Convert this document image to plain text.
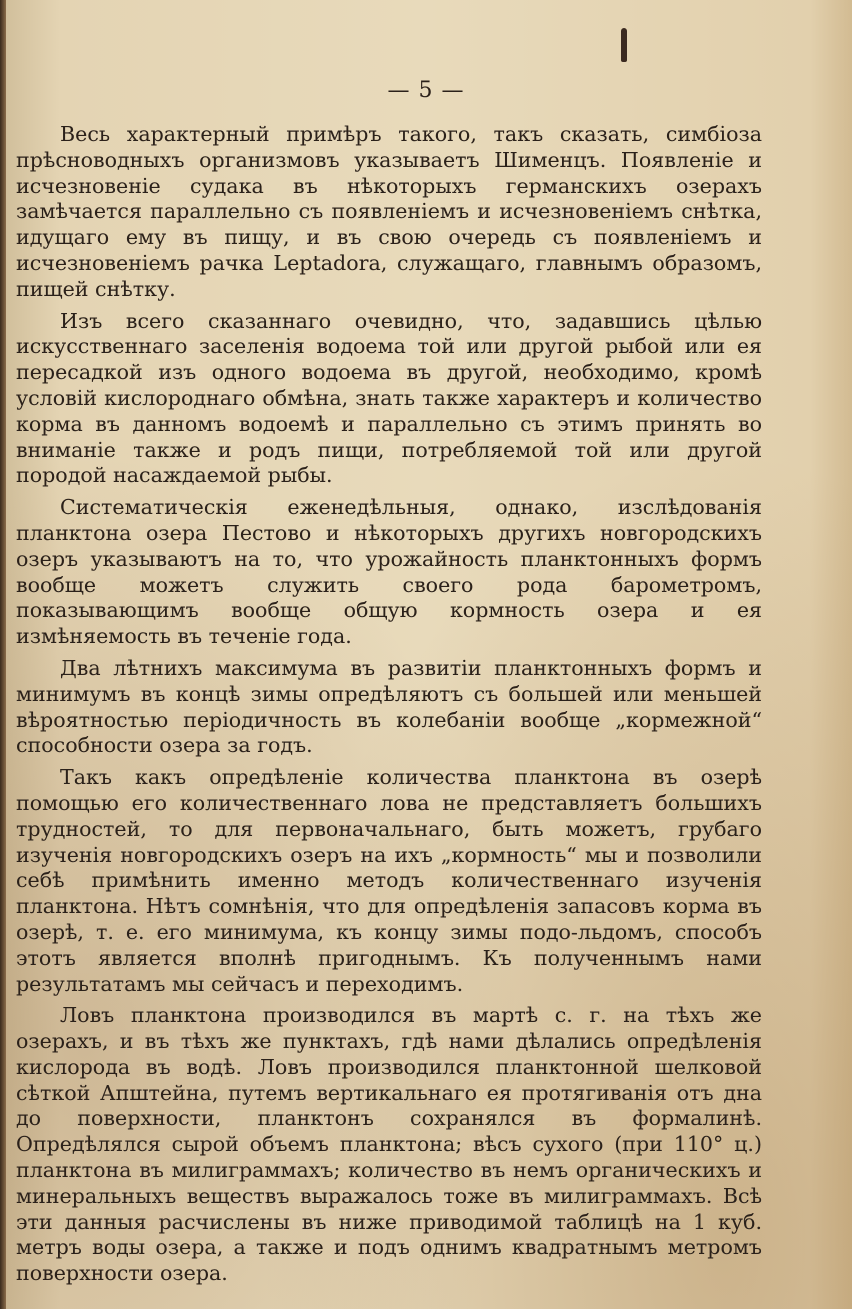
— 5 —

Весь характерный примѣръ такого, такъ сказать, симбіоза прѣсноводныхъ организмовъ указываетъ Шименцъ. Появленіе и исчезновеніе судака въ нѣкоторыхъ германскихъ озерахъ замѣчается параллельно съ появленіемъ и исчезновеніемъ снѣтка, идущаго ему въ пищу, и въ свою очередь съ появленіемъ и исчезновеніемъ рачка Leptadora, служащаго, главнымъ образомъ, пищей снѣтку.

Изъ всего сказаннаго очевидно, что, задавшись цѣлью искусственнаго заселенія водоема той или другой рыбой или ея пересадкой изъ одного водоема въ другой, необходимо, кромѣ условій кислороднаго обмѣна, знать также характеръ и количество корма въ данномъ водоемѣ и параллельно съ этимъ принять во вниманіе также и родъ пищи, потребляемой той или другой породой насаждаемой рыбы.

Систематическія еженедѣльныя, однако, изслѣдованія планктона озера Пестово и нѣкоторыхъ другихъ новгородскихъ озеръ указываютъ на то, что урожайность планктонныхъ формъ вообще можетъ служить своего рода барометромъ, показывающимъ вообще общую кормность озера и ея измѣняемость въ теченіе года.

Два лѣтнихъ максимума въ развитіи планктонныхъ формъ и минимумъ въ концѣ зимы опредѣляютъ съ большей или меньшей вѣроятностью періодичность въ колебаніи вообще „кормежной“ способности озера за годъ.

Такъ какъ опредѣленіе количества планктона въ озерѣ помощью его количественнаго лова не представляетъ большихъ трудностей, то для первоначальнаго, быть можетъ, грубаго изученія новгородскихъ озеръ на ихъ „кормность“ мы и позволили себѣ примѣнить именно методъ количественнаго изученія планктона. Нѣтъ сомнѣнія, что для опредѣленія запасовъ корма въ озерѣ, т. е. его минимума, къ концу зимы подо-льдомъ, способъ этотъ является вполнѣ пригоднымъ. Къ полученнымъ нами результатамъ мы сейчасъ и переходимъ.

Ловъ планктона производился въ мартѣ с. г. на тѣхъ же озерахъ, и въ тѣхъ же пунктахъ, гдѣ нами дѣлались опредѣленія кислорода въ водѣ. Ловъ производился планктонной шелковой сѣткой Апштейна, путемъ вертикальнаго ея протягиванія отъ дна до поверхности, планктонъ сохранялся въ формалинѣ. Опредѣлялся сырой объемъ планктона; вѣсъ сухого (при 110° ц.) планктона въ милиграммахъ; количество въ немъ органическихъ и минеральныхъ веществъ выражалось тоже въ милиграммахъ. Всѣ эти данныя расчислены въ ниже приводимой таблицѣ на 1 куб. метръ воды озера, а также и подъ однимъ квадратнымъ метромъ поверхности озера.
